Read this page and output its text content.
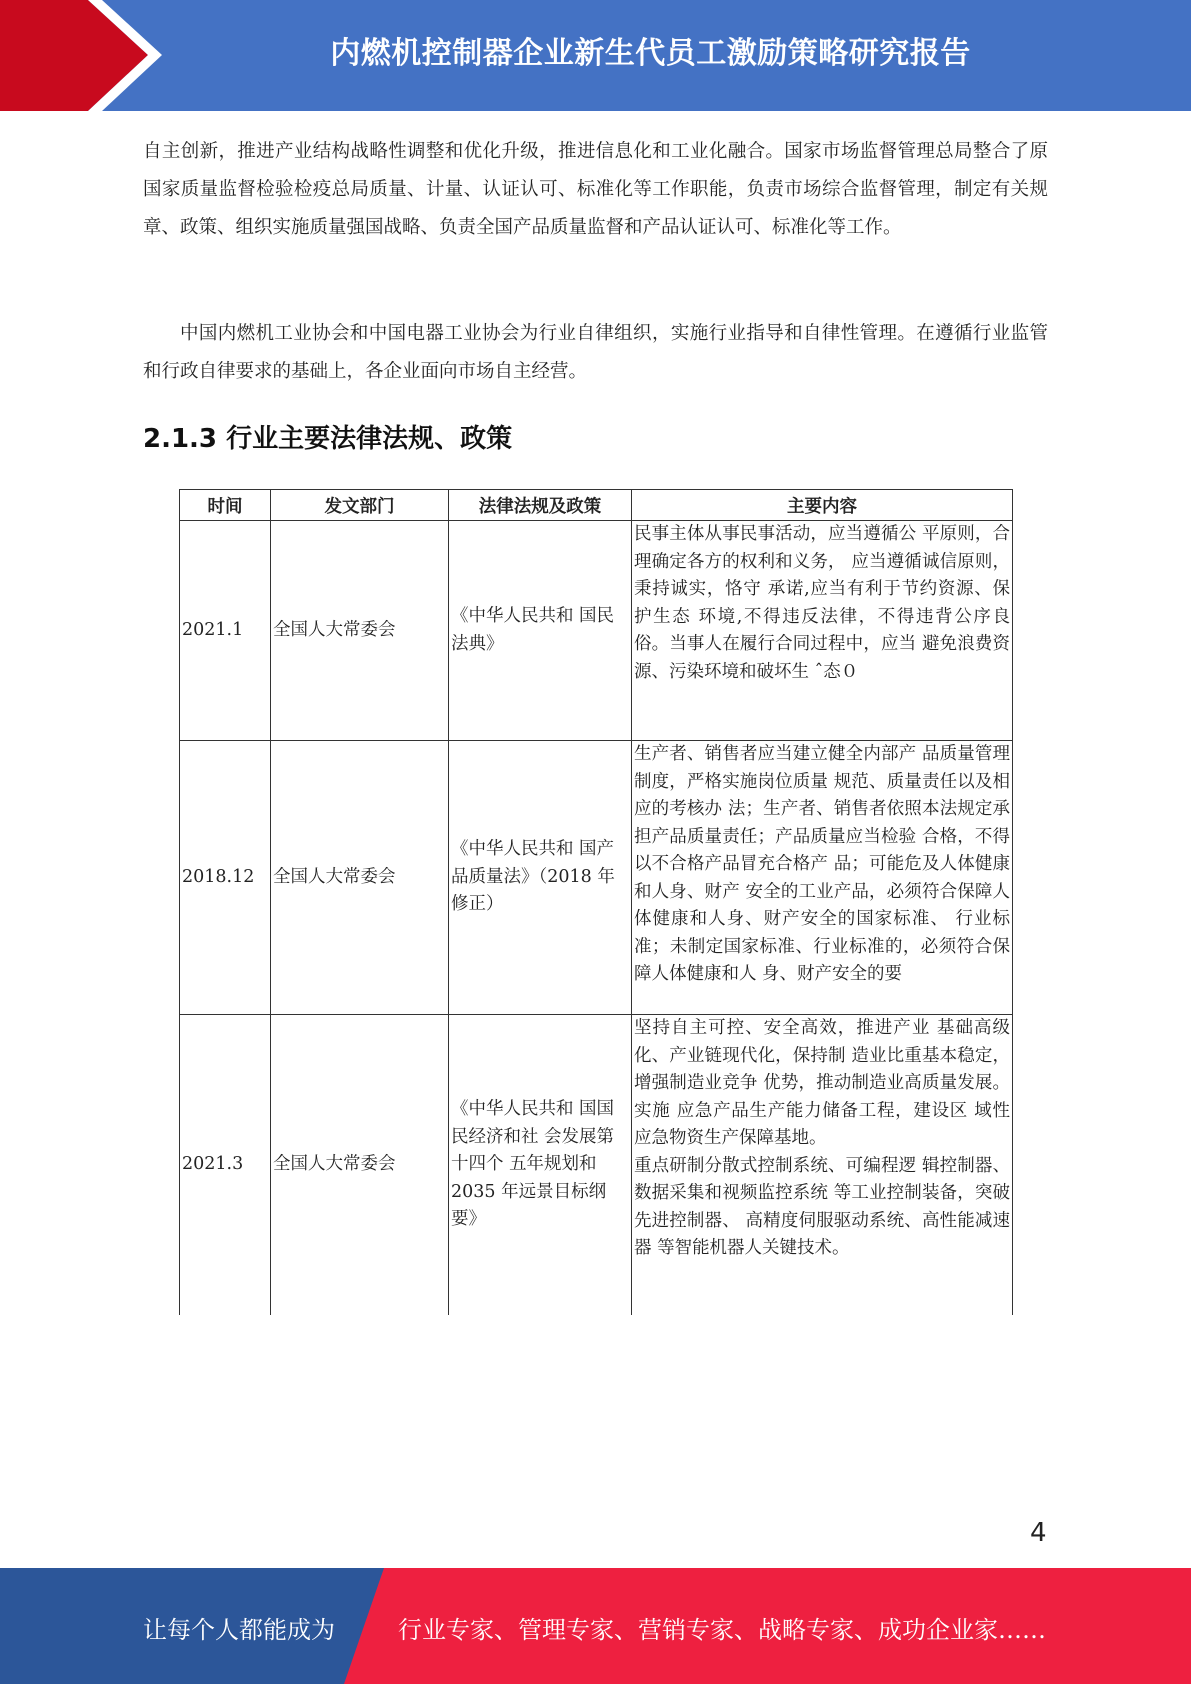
内燃机控制器企业新生代员工激励策略研究报告

自主创新，推进产业结构战略性调整和优化升级，推进信息化和工业化融合。国家市场监督管理总局整合了原国家质量监督检验检疫总局质量、计量、认证认可、标准化等工作职能，负责市场综合监督管理，制定有关规章、政策、组织实施质量强国战略、负责全国产品质量监督和产品认证认可、标准化等工作。

中国内燃机工业协会和中国电器工业协会为行业自律组织，实施行业指导和自律性管理。在遵循行业监管和行政自律要求的基础上，各企业面向市场自主经营。

2.1.3 行业主要法律法规、政策
时间	发文部门	法律法规及政策	主要内容
2021.1	全国人大常委会	《中华人民共和 国民法典》	民事主体从事民事活动，应当遵循公 平原则，合理确定各方的权利和义务， 应当遵循诚信原则，秉持诚实，恪守 承诺,应当有利于节约资源、保护生态 环境,不得违反法律，不得违背公序良 俗。当事人在履行合同过程中，应当 避免浪费资源、污染环境和破坏生 ˆ态０
2018.12	全国人大常委会	《中华人民共和 国产品质量法》（2018 年修正）	生产者、销售者应当建立健全内部产 品质量管理制度，严格实施岗位质量 规范、质量责任以及相应的考核办 法；生产者、销售者依照本法规定承 担产品质量责任；产品质量应当检验 合格，不得以不合格产品冒充合格产 品；可能危及人体健康和人身、财产 安全的工业产品，必须符合保障人体健康和人身、财产安全的国家标准、 行业标准；未制定国家标准、行业标准的，必须符合保障人体健康和人 身、财产安全的要
2021.3	全国人大常委会	《中华人民共和 国国民经济和社 会发展第十四个 五年规划和 2035 年远景目标纲 要》	坚持自主可控、安全高效，推进产业 基础高级化、产业链现代化，保持制 造业比重基本稳定，增强制造业竞争 优势，推动制造业高质量发展。实施 应急产品生产能力储备工程，建设区 域性应急物资生产保障基地。
重点研制分散式控制系统、可编程逻 辑控制器、数据采集和视频监控系统 等工业控制装备，突破先进控制器、 高精度伺服驱动系统、高性能减速器 等智能机器人关键技术。
4
让每个人都能成为	行业专家、管理专家、营销专家、战略专家、成功企业家……
